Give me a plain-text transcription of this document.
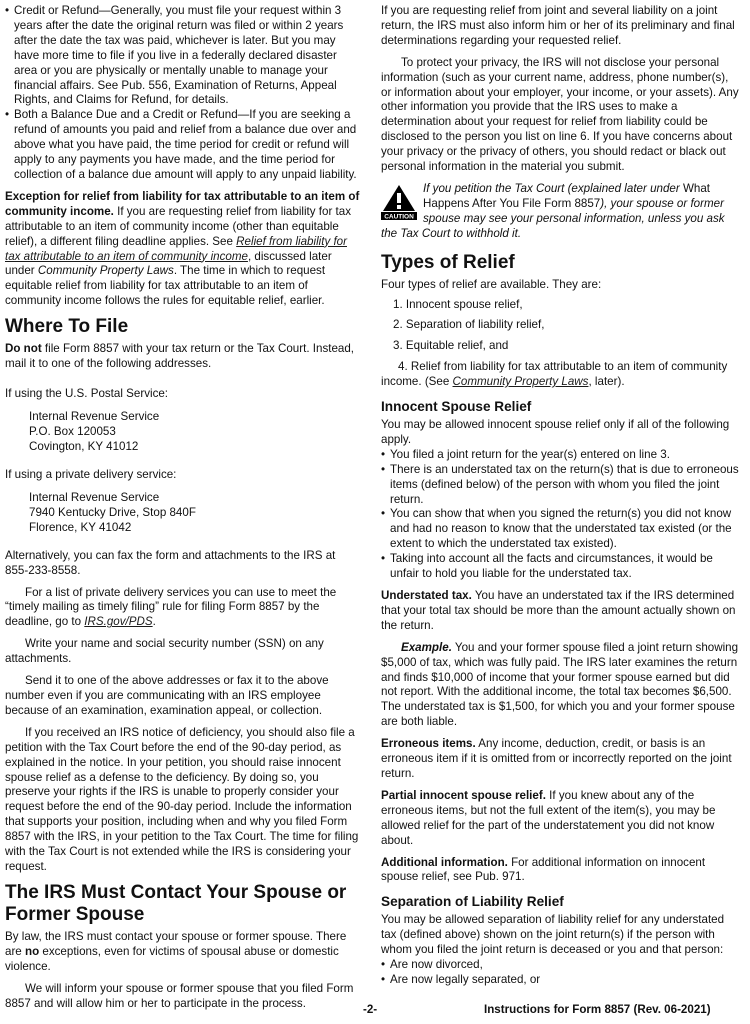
• Credit or Refund—Generally, you must file your request within 3 years after the date the original return was filed or within 2 years after the date the tax was paid, whichever is later. But you may have more time to file if you live in a federally declared disaster area or you are physically or mentally unable to manage your financial affairs. See Pub. 556, Examination of Returns, Appeal Rights, and Claims for Refund, for details.
• Both a Balance Due and a Credit or Refund—If you are seeking a refund of amounts you paid and relief from a balance due over and above what you have paid, the time period for credit or refund will apply to any payments you have made, and the time period for collection of a balance due amount will apply to any unpaid liability.

Exception for relief from liability for tax attributable to an item of community income. If you are requesting relief from liability for tax attributable to an item of community income (other than equitable relief), a different filing deadline applies. See Relief from liability for tax attributable to an item of community income, discussed later under Community Property Laws. The time in which to request equitable relief from liability for tax attributable to an item of community income follows the rules for equitable relief, earlier.

Where To File

Do not file Form 8857 with your tax return or the Tax Court. Instead, mail it to one of the following addresses.

If using the U.S. Postal Service:

Internal Revenue Service
P.O. Box 120053
Covington, KY 41012

If using a private delivery service:

Internal Revenue Service
7940 Kentucky Drive, Stop 840F
Florence, KY 41042

Alternatively, you can fax the form and attachments to the IRS at 855-233-8558.

For a list of private delivery services you can use to meet the “timely mailing as timely filing” rule for filing Form 8857 by the deadline, go to IRS.gov/PDS.

Write your name and social security number (SSN) on any attachments.

Send it to one of the above addresses or fax it to the above number even if you are communicating with an IRS employee because of an examination, examination appeal, or collection.

If you received an IRS notice of deficiency, you should also file a petition with the Tax Court before the end of the 90-day period, as explained in the notice. In your petition, you should raise innocent spouse relief as a defense to the deficiency. By doing so, you preserve your rights if the IRS is unable to properly consider your request before the end of the 90-day period. Include the information that supports your position, including when and why you filed Form 8857 with the IRS, in your petition to the Tax Court. The time for filing with the Tax Court is not extended while the IRS is considering your request.

The IRS Must Contact Your Spouse or Former Spouse

By law, the IRS must contact your spouse or former spouse. There are no exceptions, even for victims of spousal abuse or domestic violence.

We will inform your spouse or former spouse that you filed Form 8857 and will allow him or her to participate in the process.

If you are requesting relief from joint and several liability on a joint return, the IRS must also inform him or her of its preliminary and final determinations regarding your requested relief.

To protect your privacy, the IRS will not disclose your personal information (such as your current name, address, phone number(s), or information about your employer, your income, or your assets). Any other information you provide that the IRS uses to make a determination about your request for relief from liability could be disclosed to the person you list on line 6. If you have concerns about your privacy or the privacy of others, you should redact or black out personal information in the material you submit.

CAUTION
If you petition the Tax Court (explained later under What Happens After You File Form 8857), your spouse or former spouse may see your personal information, unless you ask the Tax Court to withhold it.
Types of Relief

Four types of relief are available. They are:

1. Innocent spouse relief,
2. Separation of liability relief,
3. Equitable relief, and
4. Relief from liability for tax attributable to an item of community income. (See Community Property Laws, later).
Innocent Spouse Relief

You may be allowed innocent spouse relief only if all of the following apply.

• You filed a joint return for the year(s) entered on line 3.
• There is an understated tax on the return(s) that is due to erroneous items (defined below) of the person with whom you filed the joint return.
• You can show that when you signed the return(s) you did not know and had no reason to know that the understated tax existed (or the extent to which the understated tax existed).
• Taking into account all the facts and circumstances, it would be unfair to hold you liable for the understated tax.

Understated tax. You have an understated tax if the IRS determined that your total tax should be more than the amount actually shown on the return.

Example. You and your former spouse filed a joint return showing $5,000 of tax, which was fully paid. The IRS later examines the return and finds $10,000 of income that your former spouse earned but did not report. With the additional income, the total tax becomes $6,500. The understated tax is $1,500, for which you and your former spouse are both liable.

Erroneous items. Any income, deduction, credit, or basis is an erroneous item if it is omitted from or incorrectly reported on the joint return.

Partial innocent spouse relief. If you knew about any of the erroneous items, but not the full extent of the item(s), you may be allowed relief for the part of the understatement you did not know about.

Additional information. For additional information on innocent spouse relief, see Pub. 971.

Separation of Liability Relief

You may be allowed separation of liability relief for any understated tax (defined above) shown on the joint return(s) if the person with whom you filed the joint return is deceased or you and that person:

• Are now divorced,
• Are now legally separated, or
-2-	Instructions for Form 8857 (Rev. 06-2021)
